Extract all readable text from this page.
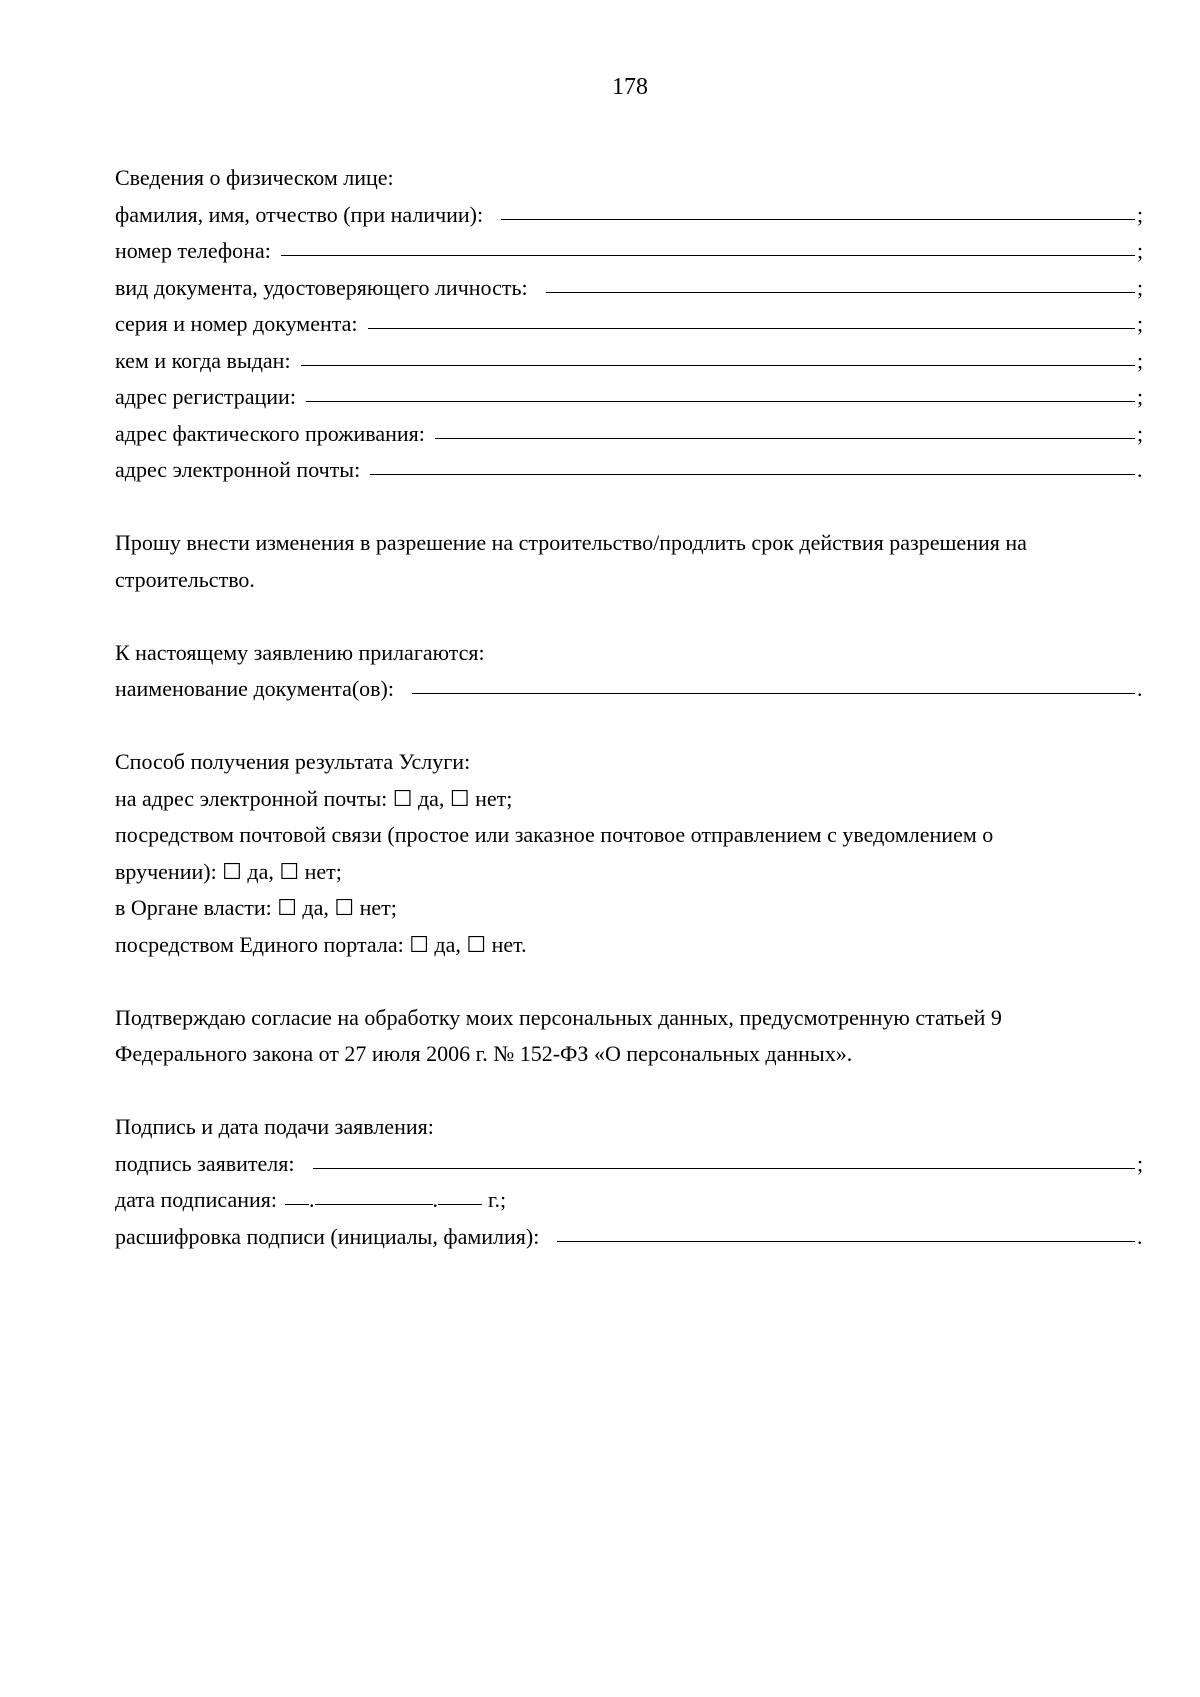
178
Сведения о физическом лице:
фамилия, имя, отчество (при наличии):	;
номер телефона:	;
вид документа, удостоверяющего личность:	;
серия и номер документа:	;
кем и когда выдан:	;
адрес регистрации:	;
адрес фактического проживания:	;
адрес электронной почты:	.
Прошу внести изменения в разрешение на строительство/продлить срок действия разрешения на
строительство.
К настоящему заявлению прилагаются:
наименование документа(ов):	.
Способ получения результата Услуги:
на адрес электронной почты: ☐ да, ☐ нет;
посредством почтовой связи (простое или заказное почтовое отправлением с уведомлением о
вручении): ☐ да, ☐ нет;
в Органе власти: ☐ да, ☐ нет;
посредством Единого портала: ☐ да, ☐ нет.
Подтверждаю согласие на обработку моих персональных данных, предусмотренную статьей 9
Федерального закона от 27 июля 2006 г. № 152-ФЗ «О персональных данных».
Подпись и дата подачи заявления:
подпись заявителя:	;
дата подписания: .	. г.;
расшифровка подписи (инициалы, фамилия):	.
